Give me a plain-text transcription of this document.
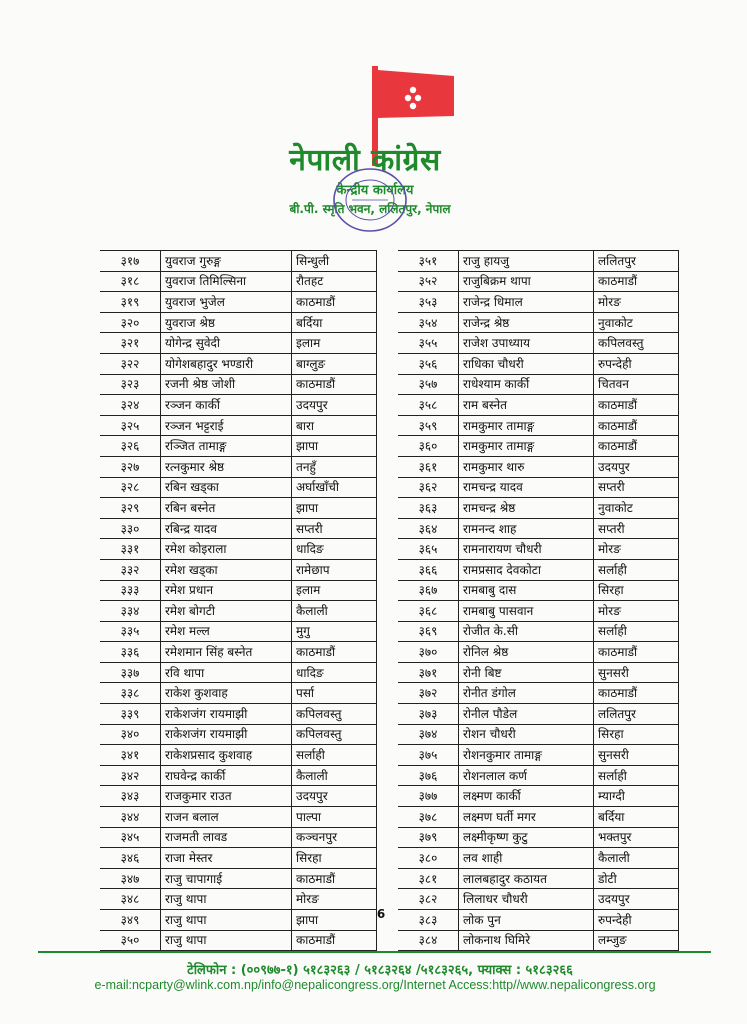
नेपाली कांग्रेस
केन्द्रीय कार्यालय
बी.पी. स्मृति भवन, ललितपुर, नेपाल
३१७	युवराज गुरुङ्ग	सिन्धुली
३१८	युवराज तिमिल्सिना	रौतहट
३१९	युवराज भुजेल	काठमाडौं
३२०	युवराज श्रेष्ठ	बर्दिया
३२१	योगेन्द्र सुवेदी	इलाम
३२२	योगेशबहादुर भण्डारी	बाग्लुङ
३२३	रजनी श्रेष्ठ जोशी	काठमाडौं
३२४	रञ्जन कार्की	उदयपुर
३२५	रञ्जन भट्टराई	बारा
३२६	रञ्जित तामाङ्ग	झापा
३२७	रत्नकुमार श्रेष्ठ	तनहुँ
३२८	रबिन खड्का	अर्घाखाँची
३२९	रबिन बस्नेत	झापा
३३०	रबिन्द्र यादव	सप्तरी
३३१	रमेश कोइराला	धादिङ
३३२	रमेश खड्का	रामेछाप
३३३	रमेश प्रधान	इलाम
३३४	रमेश बोगटी	कैलाली
३३५	रमेश मल्ल	मुगु
३३६	रमेशमान सिंह बस्नेत	काठमाडौं
३३७	रवि थापा	धादिङ
३३८	राकेश कुशवाह	पर्सा
३३९	राकेशजंग रायमाझी	कपिलवस्तु
३४०	राकेशजंग रायमाझी	कपिलवस्तु
३४१	राकेशप्रसाद कुशवाह	सर्लाही
३४२	राघवेन्द्र कार्की	कैलाली
३४३	राजकुमार राउत	उदयपुर
३४४	राजन बलाल	पाल्पा
३४५	राजमती लावड	कञ्चनपुर
३४६	राजा मेस्तर	सिरहा
३४७	राजु चापागाई	काठमाडौं
३४८	राजु थापा	मोरङ
३४९	राजु थापा	झापा
३५०	राजु थापा	काठमाडौं
३५१	राजु हायजु	ललितपुर
३५२	राजुबिक्रम थापा	काठमाडौं
३५३	राजेन्द्र धिमाल	मोरङ
३५४	राजेन्द्र श्रेष्ठ	नुवाकोट
३५५	राजेश उपाध्याय	कपिलवस्तु
३५६	राधिका चौधरी	रुपन्देही
३५७	राधेश्याम कार्की	चितवन
३५८	राम बस्नेत	काठमाडौं
३५९	रामकुमार तामाङ्ग	काठमाडौं
३६०	रामकुमार तामाङ्ग	काठमाडौं
३६१	रामकुमार थारु	उदयपुर
३६२	रामचन्द्र यादव	सप्तरी
३६३	रामचन्द्र श्रेष्ठ	नुवाकोट
३६४	रामनन्द शाह	सप्तरी
३६५	रामनारायण चौधरी	मोरङ
३६६	रामप्रसाद देवकोटा	सर्लाही
३६७	रामबाबु दास	सिरहा
३६८	रामबाबु पासवान	मोरङ
३६९	रोजीत के.सी	सर्लाही
३७०	रोनिल श्रेष्ठ	काठमाडौं
३७१	रोनी बिष्ट	सुनसरी
३७२	रोनीत डंगोल	काठमाडौं
३७३	रोनील पौडेल	ललितपुर
३७४	रोशन चौधरी	सिरहा
३७५	रोशनकुमार तामाङ्ग	सुनसरी
३७६	रोशनलाल कर्ण	सर्लाही
३७७	लक्ष्मण कार्की	म्याग्दी
३७८	लक्ष्मण घर्ती मगर	बर्दिया
३७९	लक्ष्मीकृष्ण कुटु	भक्तपुर
३८०	लव शाही	कैलाली
३८१	लालबहादुर कठायत	डोटी
३८२	लिलाधर चौधरी	उदयपुर
३८३	लोक पुन	रुपन्देही
३८४	लोकनाथ घिमिरे	लम्जुङ
6
टेलिफोन : (००९७७-१) ५१८३२६३ / ५१८३२६४ /५१८३२६५, फ्याक्स : ५१८३२६६
e-mail:ncparty@wlink.com.np/info@nepalicongress.org/Internet Access:http//www.nepalicongress.org
